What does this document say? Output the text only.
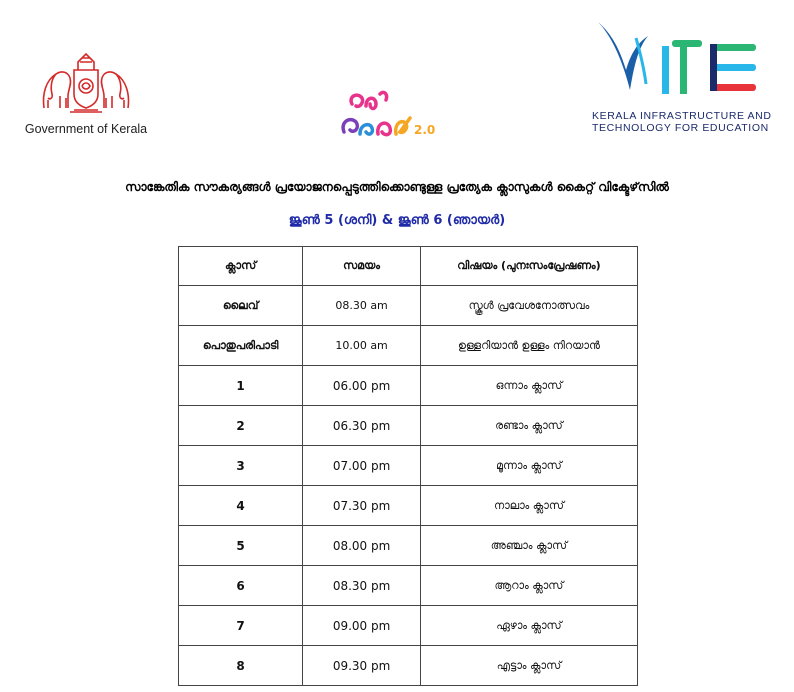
Government of Kerala	2.0
KERALA INFRASTRUCTURE AND
TECHNOLOGY FOR EDUCATION
സാങ്കേതിക സൗകര്യങ്ങൾ പ്രയോജനപ്പെടുത്തിക്കൊണ്ടുള്ള പ്രത്യേക ക്ലാസുകൾ കൈറ്റ് വിക്ടേഴ്‌സിൽ
ജൂൺ 5 (ശനി) & ജൂൺ 6 (ഞായർ)
ക്ലാസ്	സമയം	വിഷയം (പുനഃസംപ്രേഷണം)
ലൈവ്	08.30 am	സ്കൂൾ പ്രവേശനോത്സവം
പൊതുപരിപാടി	10.00 am	ഉള്ളറിയാൻ ഉള്ളം നിറയാൻ
1	06.00 pm	ഒന്നാം ക്ലാസ്
2	06.30 pm	രണ്ടാം ക്ലാസ്
3	07.00 pm	മൂന്നാം ക്ലാസ്
4	07.30 pm	നാലാം ക്ലാസ്
5	08.00 pm	അഞ്ചാം ക്ലാസ്
6	08.30 pm	ആറാം ക്ലാസ്
7	09.00 pm	ഏഴാം ക്ലാസ്
8	09.30 pm	എട്ടാം ക്ലാസ്
